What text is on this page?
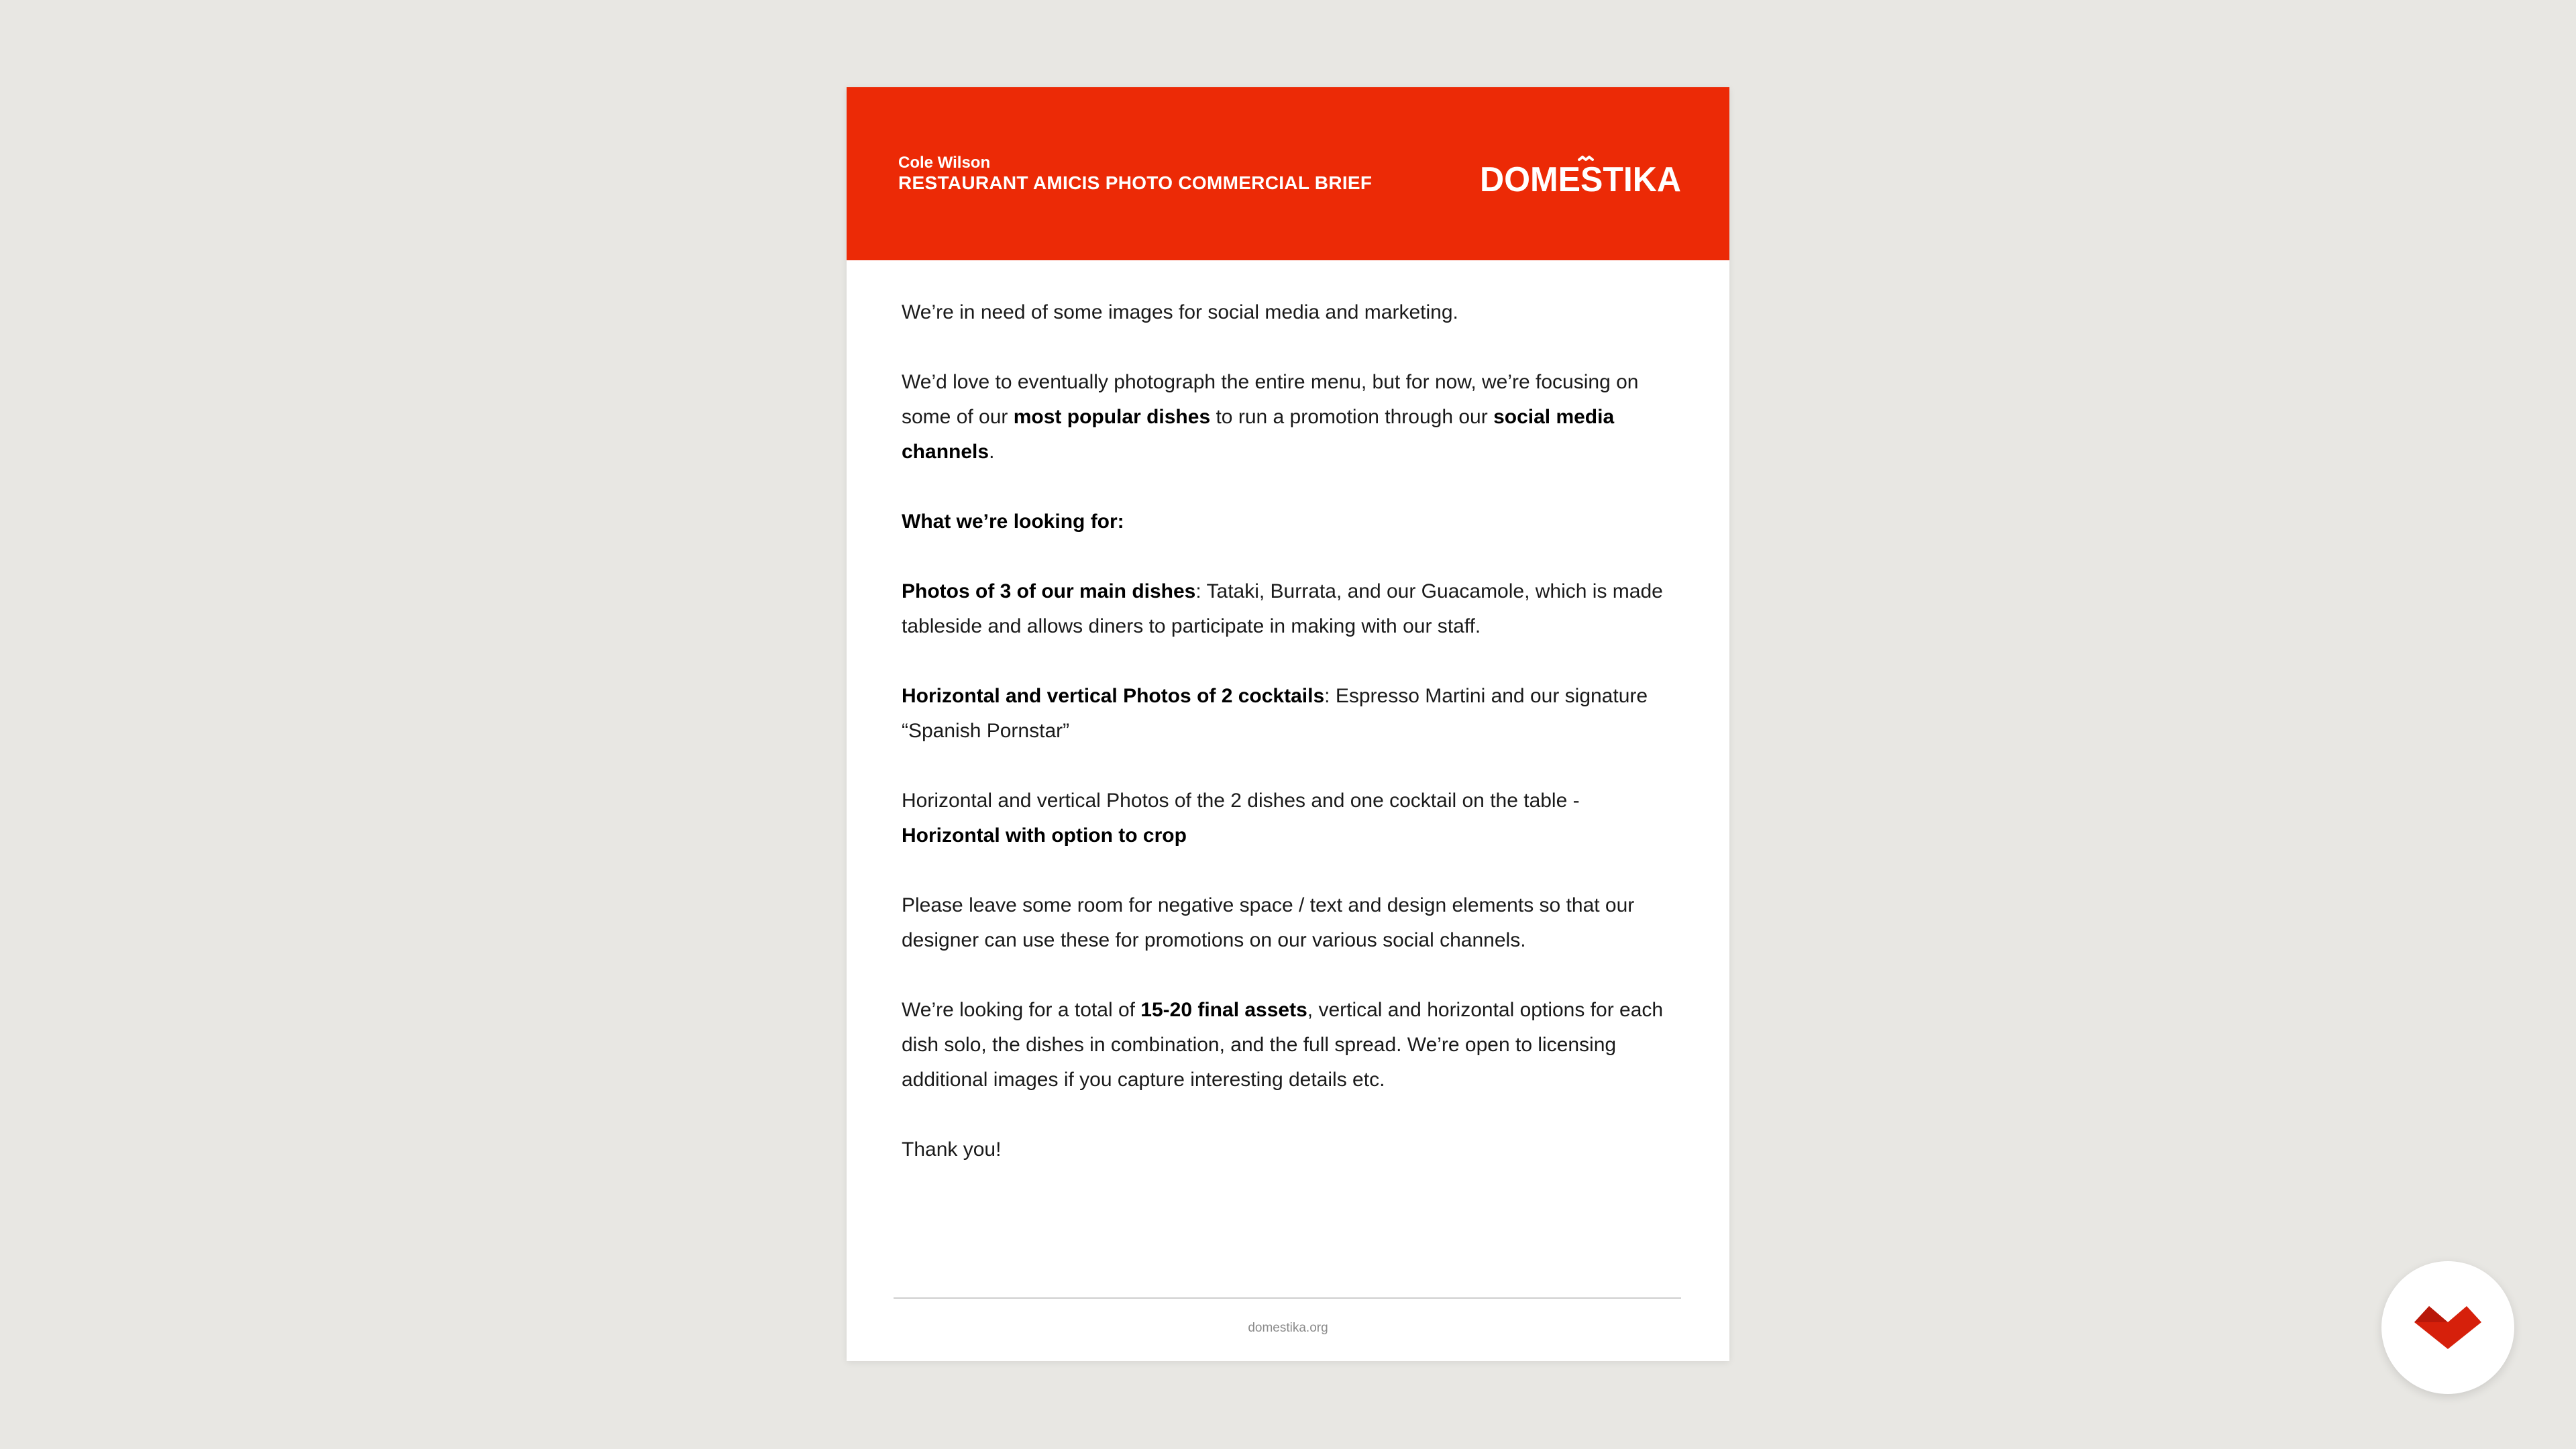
Cole Wilson
RESTAURANT AMICIS PHOTO COMMERCIAL BRIEF	DOMESTIKA

We’re in need of some images for social media and marketing.

We’d love to eventually photograph the entire menu, but for now, we’re focusing on some of our most popular dishes to run a promotion through our social media channels.

What we’re looking for:

Photos of 3 of our main dishes: Tataki, Burrata, and our Guacamole, which is made tableside and allows diners to participate in making with our staff.

Horizontal and vertical Photos of 2 cocktails: Espresso Martini and our signature “Spanish Pornstar”

Horizontal and vertical Photos of the 2 dishes and one cocktail on the table - Horizontal with option to crop

Please leave some room for negative space / text and design elements so that our designer can use these for promotions on our various social channels.

We’re looking for a total of 15-20 final assets, vertical and horizontal options for each dish solo, the dishes in combination, and the full spread. We’re open to licensing additional images if you capture interesting details etc.

Thank you!

domestika.org
